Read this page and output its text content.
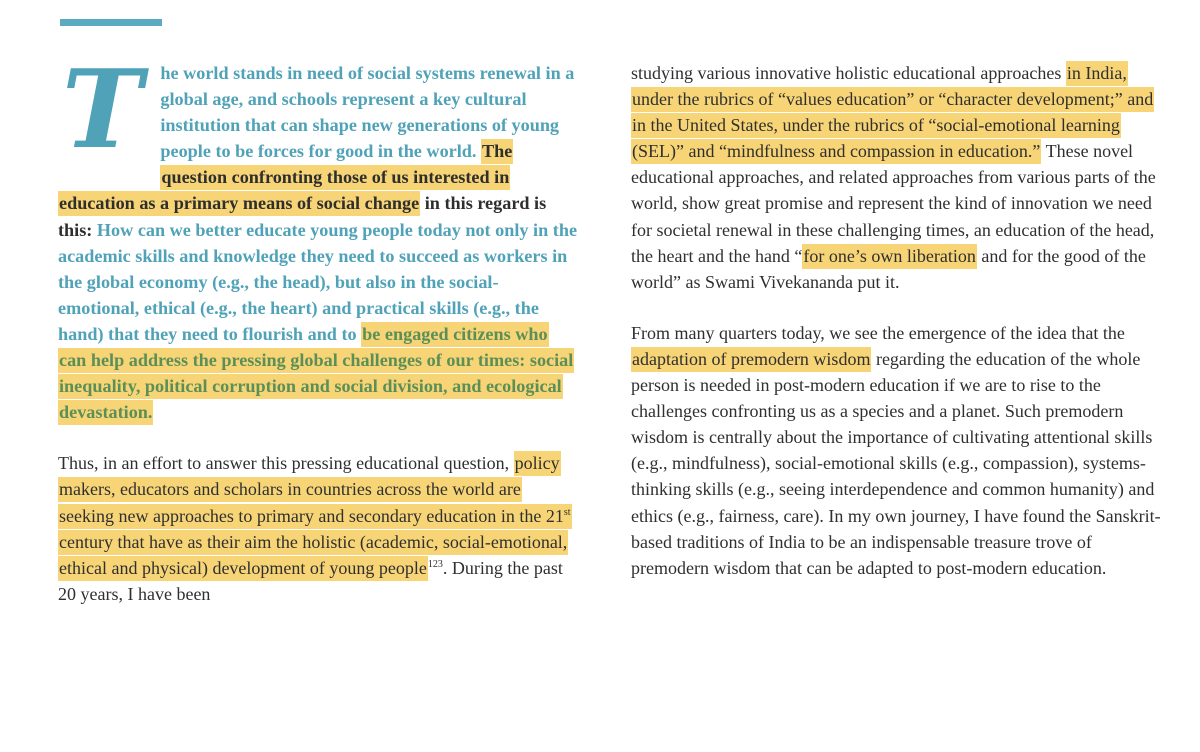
T he world stands in need of social systems renewal in a global age, and schools represent a key cultural institution that can shape new generations of young people to be forces for good in the world. The question confronting those of us interested in education as a primary means of social change in this regard is this: How can we better educate young people today not only in the academic skills and knowledge they need to succeed as workers in the global economy (e.g., the head), but also in the social-emotional, ethical (e.g., the heart) and practical skills (e.g., the hand) that they need to flourish and to be engaged citizens who can help address the pressing global challenges of our times: social inequality, political corruption and social division, and ecological devastation.

Thus, in an effort to answer this pressing educational question, policy makers, educators and scholars in countries across the world are seeking new approaches to primary and secondary education in the 21st century that have as their aim the holistic (academic, social-emotional, ethical and physical) development of young people$^{123}$. During the past 20 years, I have been

studying various innovative holistic educational approaches in India, under the rubrics of “values education” or “character development;” and in the United States, under the rubrics of “social-emotional learning (SEL)” and “mindfulness and compassion in education.” These novel educational approaches, and related approaches from various parts of the world, show great promise and represent the kind of innovation we need for societal renewal in these challenging times, an education of the head, the heart and the hand “for one’s own liberation and for the good of the world” as Swami Vivekananda put it.

From many quarters today, we see the emergence of the idea that the adaptation of premodern wisdom regarding the education of the whole person is needed in post-modern education if we are to rise to the challenges confronting us as a species and a planet. Such premodern wisdom is centrally about the importance of cultivating attentional skills (e.g., mindfulness), social-emotional skills (e.g., compassion), systems-thinking skills (e.g., seeing interdependence and common humanity) and ethics (e.g., fairness, care). In my own journey, I have found the Sanskrit-based traditions of India to be an indispensable treasure trove of premodern wisdom that can be adapted to post-modern education.
